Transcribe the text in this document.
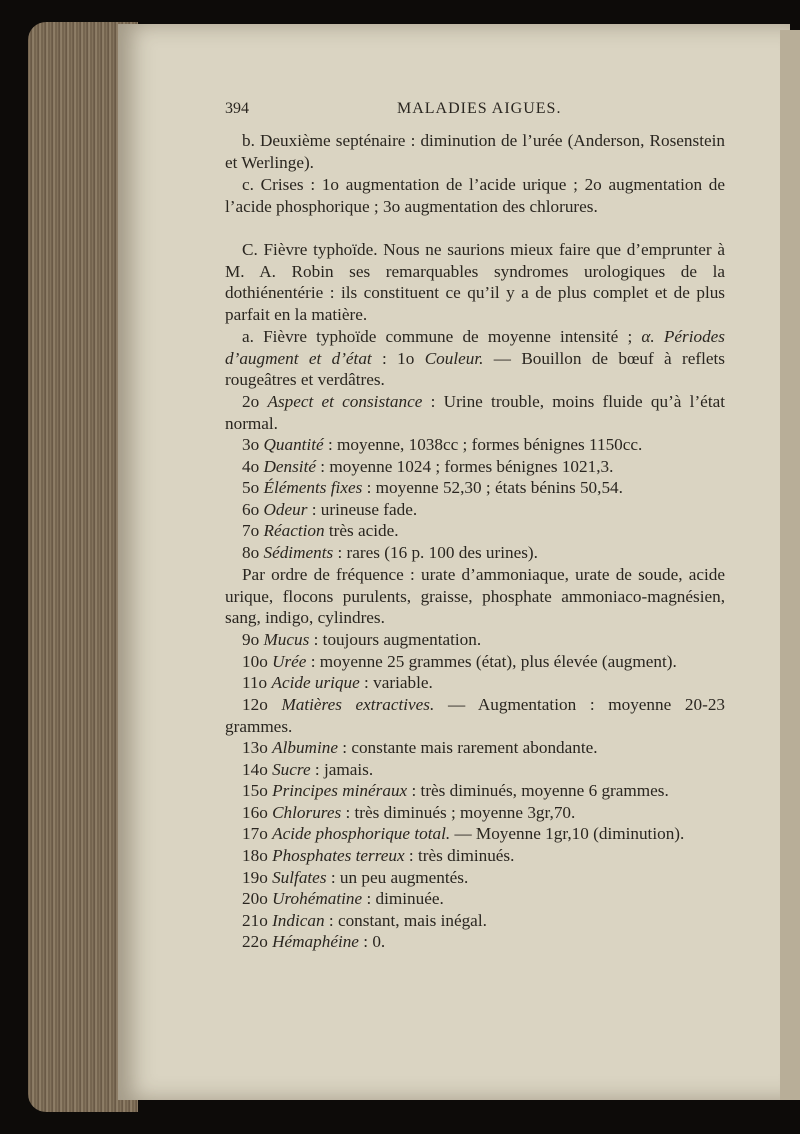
394	MALADIES AIGUES.

b. Deuxième septénaire : diminution de l’urée (Anderson, Rosenstein et Werlinge).

c. Crises : 1o augmentation de l’acide urique ; 2o augmentation de l’acide phosphorique ; 3o augmentation des chlorures.

C. Fièvre typhoïde. Nous ne saurions mieux faire que d’emprunter à M. A. Robin ses remarquables syndromes urologiques de la dothiénentérie : ils constituent ce qu’il y a de plus complet et de plus parfait en la matière.

a. Fièvre typhoïde commune de moyenne intensité ; α. Périodes d’augment et d’état : 1o Couleur. — Bouillon de bœuf à reflets rougeâtres et verdâtres.

2o Aspect et consistance : Urine trouble, moins fluide qu’à l’état normal.

3o Quantité : moyenne, 1038cc ; formes bénignes 1150cc.
4o Densité : moyenne 1024 ; formes bénignes 1021,3.
5o Éléments fixes : moyenne 52,30 ; états bénins 50,54.
6o Odeur : urineuse fade.
7o Réaction très acide.
8o Sédiments : rares (16 p. 100 des urines).

Par ordre de fréquence : urate d’ammoniaque, urate de soude, acide urique, flocons purulents, graisse, phosphate ammoniaco-magnésien, sang, indigo, cylindres.

9o Mucus : toujours augmentation.
10o Urée : moyenne 25 grammes (état), plus élevée (augment).
11o Acide urique : variable.

12o Matières extractives. — Augmentation : moyenne 20-23 grammes.

13o Albumine : constante mais rarement abondante.
14o Sucre : jamais.
15o Principes minéraux : très diminués, moyenne 6 grammes.
16o Chlorures : très diminués ; moyenne 3gr,70.
17o Acide phosphorique total. — Moyenne 1gr,10 (diminution).
18o Phosphates terreux : très diminués.
19o Sulfates : un peu augmentés.
20o Urohématine : diminuée.
21o Indican : constant, mais inégal.
22o Hémaphéine : 0.
